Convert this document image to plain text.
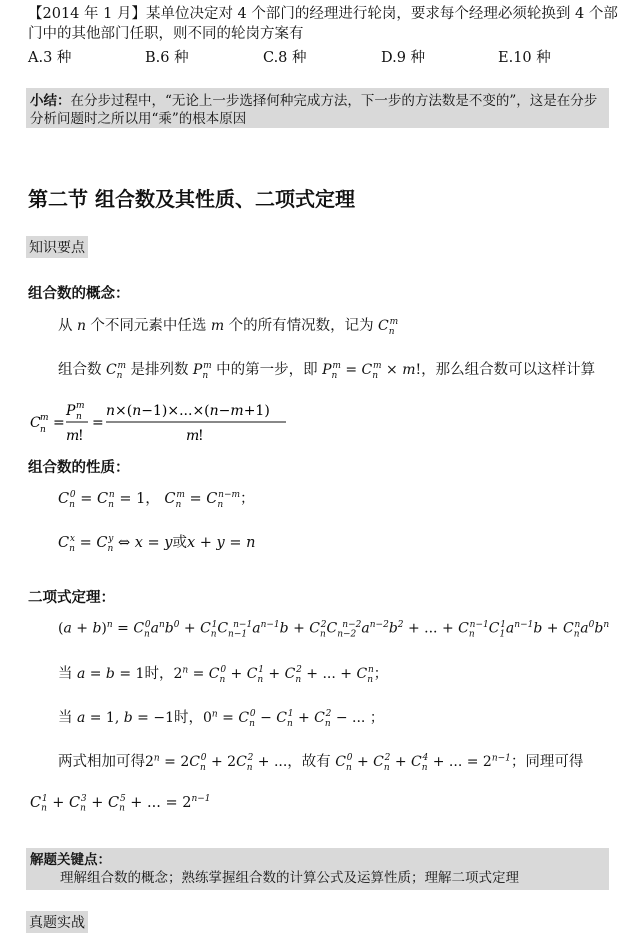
【2014 年 1 月】某单位决定对 4 个部门的经理进行轮岗，要求每个经理必须轮换到 4 个部门中的其他部门任职，则不同的轮岗方案有
A.3 种	B.6 种	C.8 种	D.9 种	E.10 种
小结：在分步过程中，“无论上一步选择何种完成方法，下一步的方法数是不变的”，这是在分步分析问题时之所以用“乘”的根本原因
第二节 组合数及其性质、二项式定理
知识要点
组合数的概念：
从 n 个不同元素中任选 m 个的所有情况数，记为 $C_n^m$
组合数 $C_n^m$ 是排列数 $P_n^m$ 中的第一步，即 $P_n^m = C_n^m \times m$!，那么组合数可以这样计算
C n
m =
P n
m
m
!
=
n×(n−1)×...×(n−m+1)
m
!
组合数的性质：
$C_n^0 = C_n^n = 1$， $C_n^m = C_n^{n-m}$；
$C_n^x = C_n^y$ ⇔ x = y或x + y = n
二项式定理：
$(a + b)^n = C_n^0a^nb^0 + C_n^1C_{n-1}^{n-1}a^{n-1}b + C_n^2C_{n-2}^{n-2}a^{n-2}b^2$ + ... + $C_n^{n-1}C_1^1a^{n-1}b + C_n^na^0b^n$
当 a = b = 1时，$2^n = C_n^0 + C_n^1 + C_n^2$ + ... + $C_n^n$；
当 a = 1, b = −1时，$0^n = C_n^0 - C_n^1 + C_n^2$ − ... ；
两式相加可得$2^n = 2C_n^0 + 2C_n^2$ + ...，故有 $C_n^0 + C_n^2 + C_n^4$ + ... = $2^{n-1}$；同理可得
$C_n^1 + C_n^3 + C_n^5$ + ... = $2^{n-1}$
解题关键点：
理解组合数的概念；熟练掌握组合数的计算公式及运算性质；理解二项式定理
真题实战
